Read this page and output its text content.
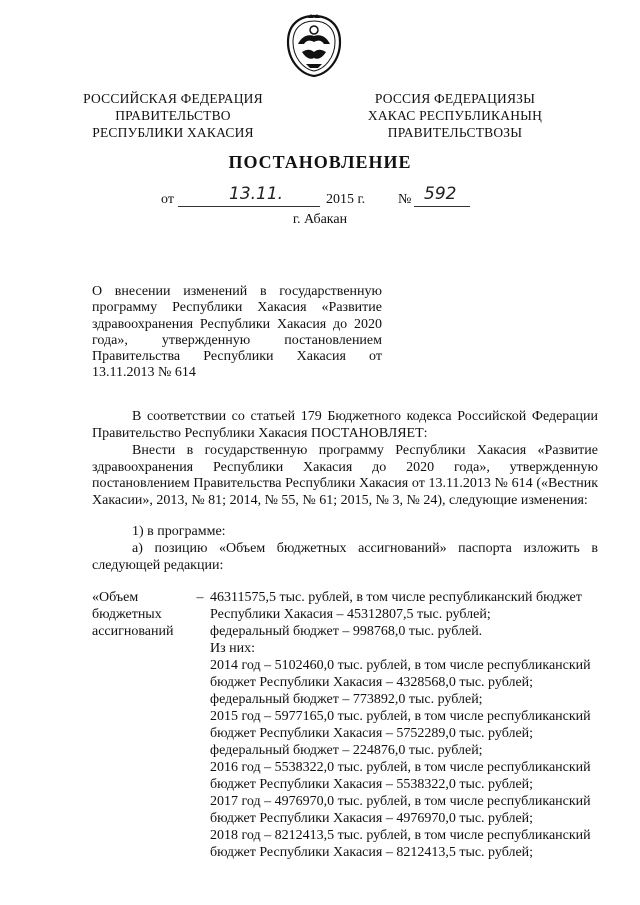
РОССИЙСКАЯ ФЕДЕРАЦИЯ
ПРАВИТЕЛЬСТВО
РЕСПУБЛИКИ ХАКАСИЯ
РОССИЯ ФЕДЕРАЦИЯЗЫ
ХАКАС РЕСПУБЛИКАНЫҢ
ПРАВИТЕЛЬСТВОЗЫ
ПОСТАНОВЛЕНИЕ
от	13.11.	2015 г. № 592
г. Абакан
О внесении изменений в государственную программу Республики Хакасия «Развитие здравоохранения Республики Хакасия до 2020 года», утвержденную постановлением Правительства Республики Хакасия от 13.11.2013 № 614
В соответствии со статьей 179 Бюджетного кодекса Российской Федерации Правительство Республики Хакасия ПОСТАНОВЛЯЕТ:
Внести в государственную программу Республики Хакасия «Развитие здравоохранения Республики Хакасия до 2020 года», утвержденную постановлением Правительства Республики Хакасия от 13.11.2013 № 614 («Вестник Хакасии», 2013, № 81; 2014, № 55, № 61; 2015, № 3, № 24), следующие изменения:
1) в программе:
а) позицию «Объем бюджетных ассигнований» паспорта изложить в следующей редакции:
«Объем
бюджетных
ассигнований
– 46311575,5 тыс. рублей, в том числе республиканский бюджет
Республики Хакасия – 45312807,5 тыс. рублей;
федеральный бюджет – 998768,0 тыс. рублей.
Из них:
2014 год – 5102460,0 тыс. рублей, в том числе республиканский
бюджет Республики Хакасия – 4328568,0 тыс. рублей;
федеральный бюджет – 773892,0 тыс. рублей;
2015 год – 5977165,0 тыс. рублей, в том числе республиканский
бюджет Республики Хакасия – 5752289,0 тыс. рублей;
федеральный бюджет – 224876,0 тыс. рублей;
2016 год – 5538322,0 тыс. рублей, в том числе республиканский
бюджет Республики Хакасия – 5538322,0 тыс. рублей;
2017 год – 4976970,0 тыс. рублей, в том числе республиканский
бюджет Республики Хакасия – 4976970,0 тыс. рублей;
2018 год – 8212413,5 тыс. рублей, в том числе республиканский
бюджет Республики Хакасия – 8212413,5 тыс. рублей;
